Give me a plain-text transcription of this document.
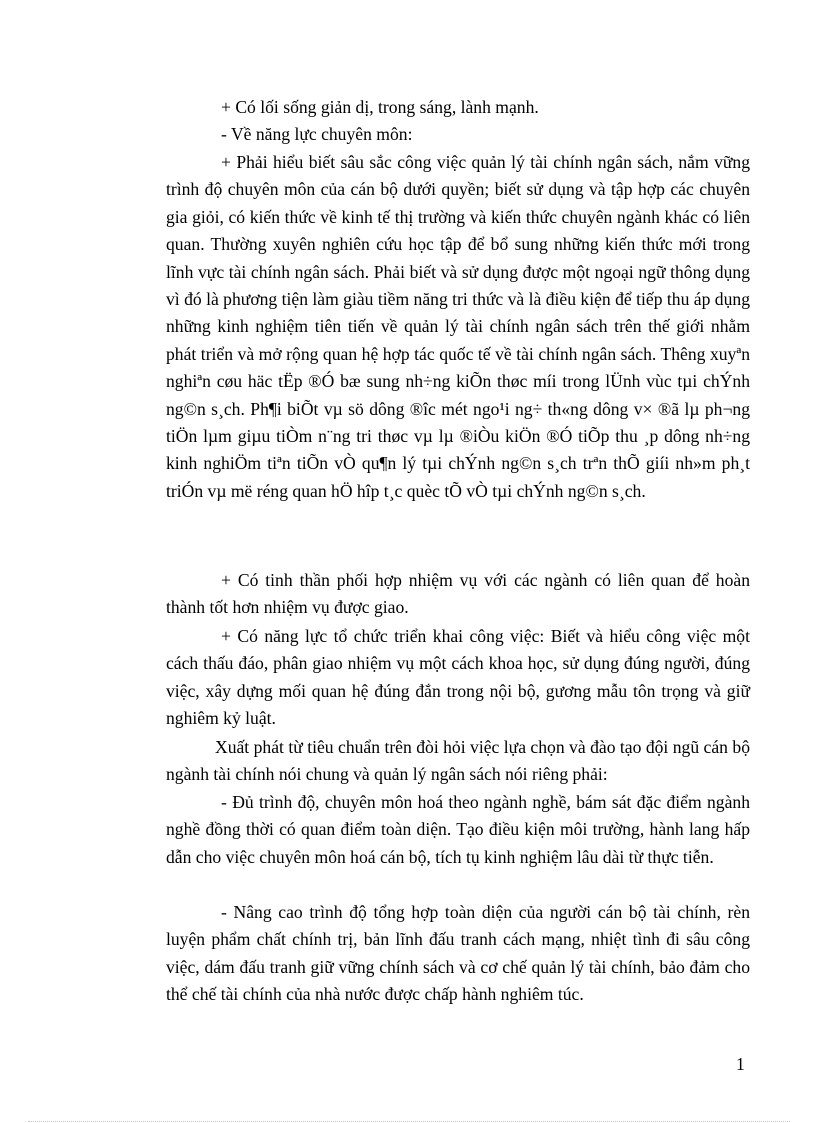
+ Có lối sống giản dị, trong sáng, lành mạnh.

- Về năng lực chuyên môn:

+ Phải hiểu biết sâu sắc công việc quản lý tài chính ngân sách, nắm vững trình độ chuyên môn của cán bộ dưới quyền; biết sử dụng và tập hợp các chuyên gia giỏi, có kiến thức về kinh tế thị trường và kiến thức chuyên ngành khác có liên quan. Thường xuyên nghiên cứu học tập để bổ sung những kiến thức mới trong lĩnh vực tài chính ngân sách. Phải biết và sử dụng được một ngoại ngữ thông dụng vì đó là phương tiện làm giàu tiềm năng tri thức và là điều kiện để tiếp thu áp dụng những kinh nghiệm tiên tiến về quản lý tài chính ngân sách trên thế giới nhằm phát triển và mở rộng quan hệ hợp tác quốc tế về tài chính ngân sách. Thêng xuyªn nghiªn cøu häc tËp ®Ó bæ sung nh÷ng kiÕn thøc míi trong lÜnh vùc tµi chÝnh ng©n s¸ch. Ph¶i biÕt vµ sö dông ®îc mét ngo¹i ng÷ th«ng dông v× ®ã lµ ph¬ng tiÖn lµm giµu tiÒm n¨ng tri thøc vµ lµ ®iÒu kiÖn ®Ó tiÕp thu ¸p dông nh÷ng kinh nghiÖm tiªn tiÕn vÒ qu¶n lý tµi chÝnh ng©n s¸ch trªn thÕ giíi nh»m ph¸t triÓn vµ më réng quan hÖ hîp t¸c quèc tÕ vÒ tµi chÝnh ng©n s¸ch.

+ Có tinh thần phối hợp nhiệm vụ với các ngành có liên quan để hoàn thành tốt hơn nhiệm vụ được giao.

+ Có năng lực tổ chức triển khai công việc: Biết và hiểu công việc một cách thấu đáo, phân giao nhiệm vụ một cách khoa học, sử dụng đúng người, đúng việc, xây dựng mối quan hệ đúng đắn trong nội bộ, gương mẫu tôn trọng và giữ nghiêm kỷ luật.

Xuất phát từ tiêu chuẩn trên đòi hỏi việc lựa chọn và đào tạo đội ngũ cán bộ ngành tài chính nói chung và quản lý ngân sách nói riêng phải:

- Đủ trình độ, chuyên môn hoá theo ngành nghề, bám sát đặc điểm ngành nghề đồng thời có quan điểm toàn diện. Tạo điều kiện môi trường, hành lang hấp dẫn cho việc chuyên môn hoá cán bộ, tích tụ kinh nghiệm lâu dài từ thực tiễn.

- Nâng cao trình độ tổng hợp toàn diện của người cán bộ tài chính, rèn luyện phẩm chất chính trị, bản lĩnh đấu tranh cách mạng, nhiệt tình đi sâu công việc, dám đấu tranh giữ vững chính sách và cơ chế quản lý tài chính, bảo đảm cho thể chế tài chính của nhà nước được chấp hành nghiêm túc.

1
